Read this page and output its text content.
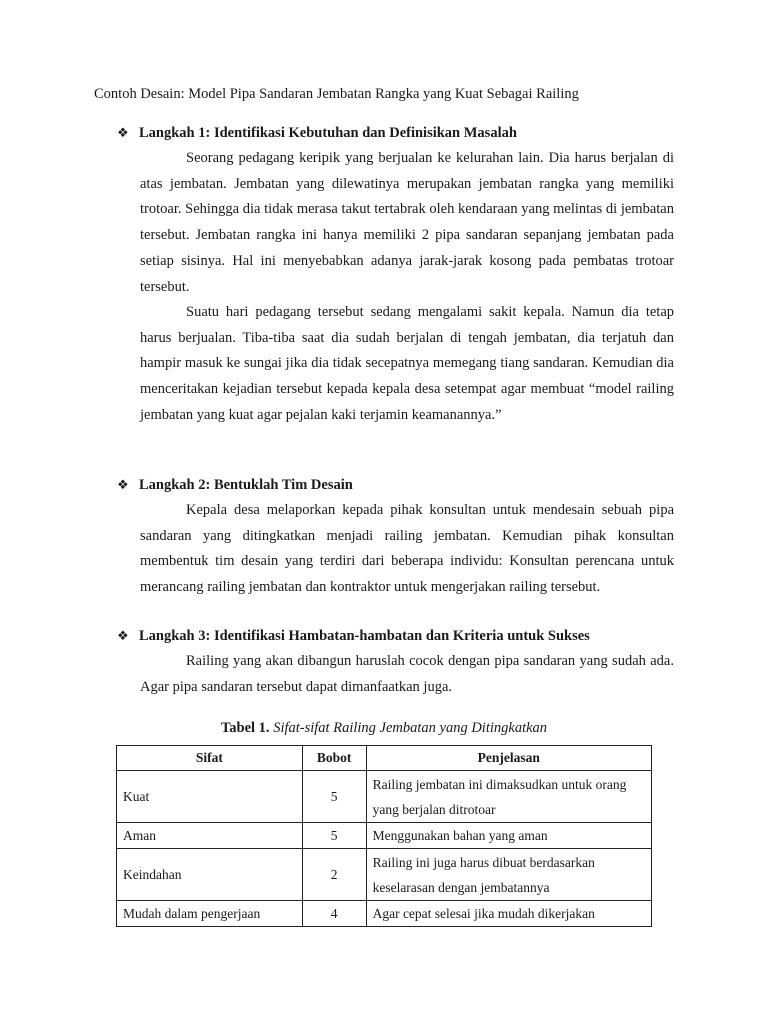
Contoh Desain: Model Pipa Sandaran Jembatan Rangka yang Kuat Sebagai Railing
❖ Langkah 1: Identifikasi Kebutuhan dan Definisikan Masalah

Seorang pedagang keripik yang berjualan ke kelurahan lain. Dia harus berjalan di atas jembatan. Jembatan yang dilewatinya merupakan jembatan rangka yang memiliki trotoar. Sehingga dia tidak merasa takut tertabrak oleh kendaraan yang melintas di jembatan tersebut. Jembatan rangka ini hanya memiliki 2 pipa sandaran sepanjang jembatan pada setiap sisinya. Hal ini menyebabkan adanya jarak-jarak kosong pada pembatas trotoar tersebut.

Suatu hari pedagang tersebut sedang mengalami sakit kepala. Namun dia tetap harus berjualan. Tiba-tiba saat dia sudah berjalan di tengah jembatan, dia terjatuh dan hampir masuk ke sungai jika dia tidak secepatnya memegang tiang sandaran. Kemudian dia menceritakan kejadian tersebut kepada kepala desa setempat agar membuat “model railing jembatan yang kuat agar pejalan kaki terjamin keamanannya.”

❖ Langkah 2: Bentuklah Tim Desain

Kepala desa melaporkan kepada pihak konsultan untuk mendesain sebuah pipa sandaran yang ditingkatkan menjadi railing jembatan. Kemudian pihak konsultan membentuk tim desain yang terdiri dari beberapa individu: Konsultan perencana untuk merancang railing jembatan dan kontraktor untuk mengerjakan railing tersebut.

❖ Langkah 3: Identifikasi Hambatan-hambatan dan Kriteria untuk Sukses

Railing yang akan dibangun haruslah cocok dengan pipa sandaran yang sudah ada. Agar pipa sandaran tersebut dapat dimanfaatkan juga.

Tabel 1. Sifat-sifat Railing Jembatan yang Ditingkatkan
Sifat	Bobot	Penjelasan
Kuat	5	Railing jembatan ini dimaksudkan untuk orang yang berjalan ditrotoar
Aman	5	Menggunakan bahan yang aman
Keindahan	2	Railing ini juga harus dibuat berdasarkan keselarasan dengan jembatannya
Mudah dalam pengerjaan	4	Agar cepat selesai jika mudah dikerjakan
